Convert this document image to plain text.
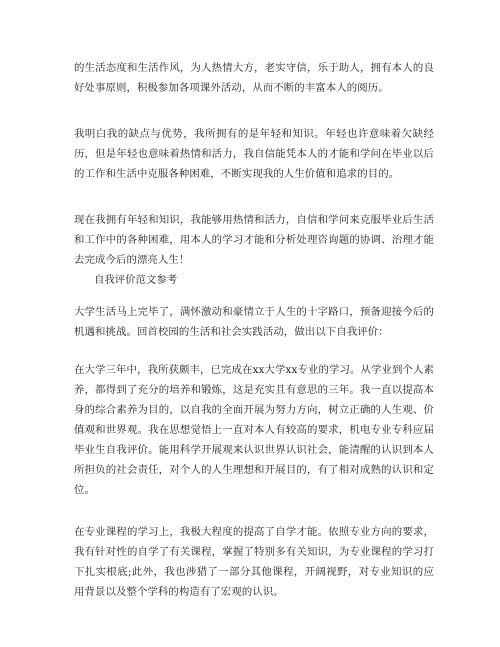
的生活态度和生活作风，为人热情大方，老实守信，乐于助人，拥有本人的良好处事原则，积极参加各项课外活动，从而不断的丰富本人的阅历。

我明白我的缺点与优势，我所拥有的是年轻和知识。年轻也许意味着欠缺经历，但是年轻也意味着热情和活力，我自信能凭本人的才能和学问在毕业以后的工作和生活中克服各种困难，不断实现我的人生价值和追求的目的。

现在我拥有年轻和知识，我能够用热情和活力，自信和学问来克服毕业后生活和工作中的各种困难，用本人的学习才能和分析处理咨询题的协调、治理才能去完成今后的漂亮人生！

自我评价范文参考

大学生活马上完毕了，满怀激动和豪情立于人生的十字路口，预备迎接今后的机遇和挑战。回首校园的生活和社会实践活动，做出以下自我评价：

在大学三年中，我所获颇丰，已完成在xx大学xx专业的学习。从学业到个人素养，都得到了充分的培养和锻炼，这是充实且有意思的三年。我一直以提高本身的综合素养为目的，以自我的全面开展为努力方向，树立正确的人生观、价值观和世界观。我在思想觉悟上一直对本人有较高的要求，机电专业专科应届毕业生自我评价。能用科学开展观来认识世界认识社会，能清醒的认识到本人所担负的社会责任，对个人的人生理想和开展目的，有了相对成熟的认识和定位。

在专业课程的学习上，我极大程度的提高了自学才能。依照专业方向的要求，我有针对性的自学了有关课程，掌握了特别多有关知识，为专业课程的学习打下扎实根底;此外，我也涉猎了一部分其他课程，开阔视野，对专业知识的应用背景以及整个学科的构造有了宏观的认识。
